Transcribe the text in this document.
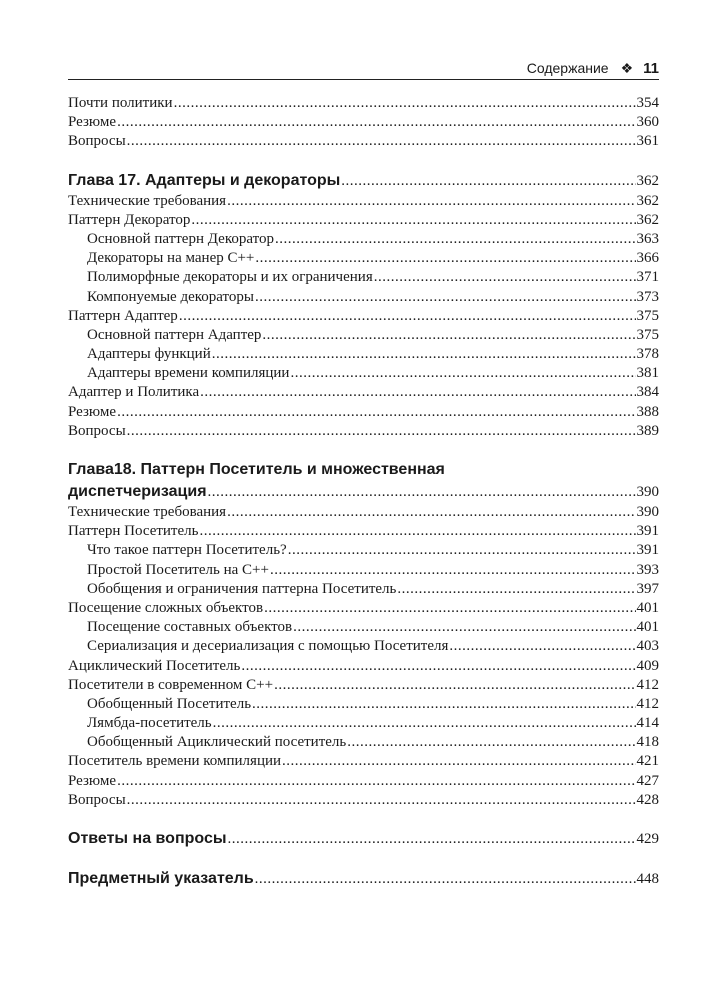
Содержание ❖ 11
Почти политики .....	354
Резюме .....	360
Вопросы .....	361
Глава 17. Адаптеры и декораторы .....	362
Технические требования .....	362
Паттерн Декоратор .....	362
Основной паттерн Декоратор .....	363
Декораторы на манер C++ .....	366
Полиморфные декораторы и их ограничения .....	371
Компонуемые декораторы .....	373
Паттерн Адаптер .....	375
Основной паттерн Адаптер .....	375
Адаптеры функций .....	378
Адаптеры времени компиляции .....	381
Адаптер и Политика .....	384
Резюме .....	388
Вопросы .....	389
Глава18. Паттерн Посетитель и множественная
диспетчеризация .....	390
Технические требования .....	390
Паттерн Посетитель .....	391
Что такое паттерн Посетитель? .....	391
Простой Посетитель на C++ .....	393
Обобщения и ограничения паттерна Посетитель .....	397
Посещение сложных объектов .....	401
Посещение составных объектов .....	401
Сериализация и десериализация с помощью Посетителя .....	403
Ациклический Посетитель .....	409
Посетители в современном C++ .....	412
Обобщенный Посетитель .....	412
Лямбда-посетитель .....	414
Обобщенный Ациклический посетитель .....	418
Посетитель времени компиляции .....	421
Резюме .....	427
Вопросы .....	428
Ответы на вопросы .....	429
Предметный указатель .....	448
